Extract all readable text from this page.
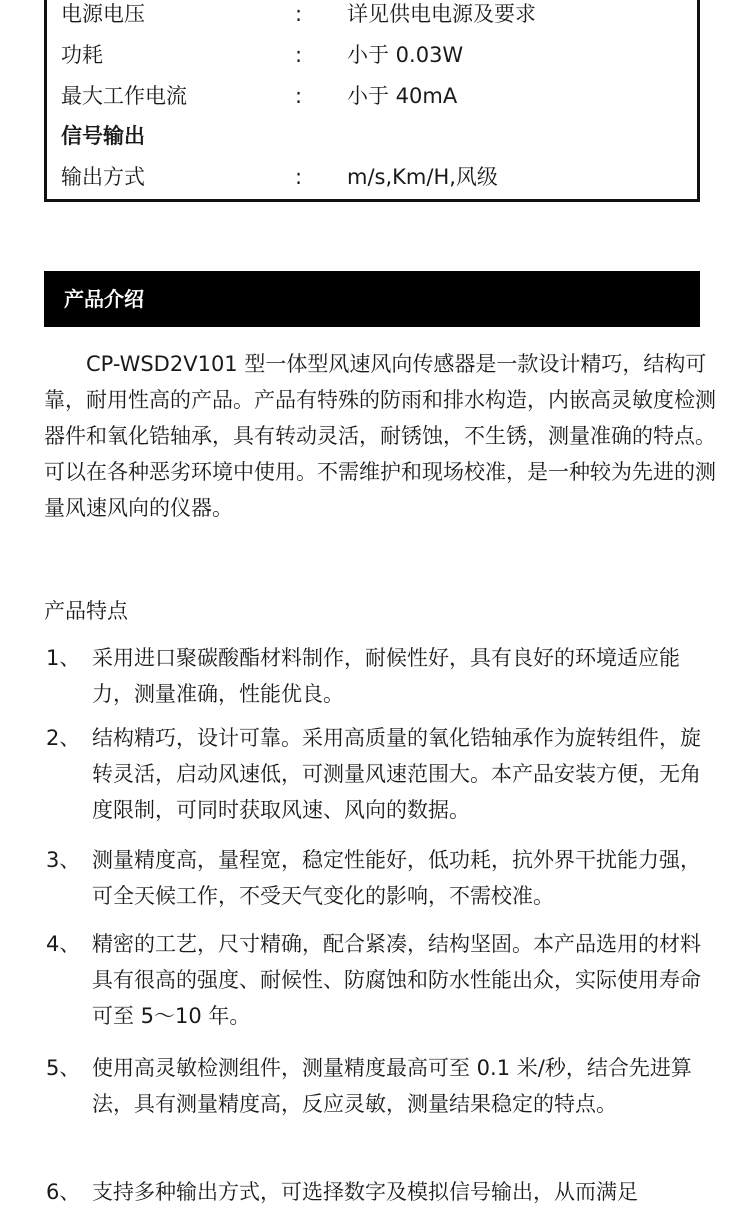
电源电压	: 详见供电电源及要求
功耗	: 小于 0.03W
最大工作电流	: 小于 40mA
信号输出
输出方式	: m/s,Km/H,风级
产品介绍

　　CP-WSD2V101 型一体型风速风向传感器是一款设计精巧，结构可靠，耐用性高的产品。产品有特殊的防雨和排水构造，内嵌高灵敏度检测器件和氧化锆轴承，具有转动灵活，耐锈蚀，不生锈，测量准确的特点。可以在各种恶劣环境中使用。不需维护和现场校准，是一种较为先进的测量风速风向的仪器。

产品特点

1、 采用进口聚碳酸酯材料制作，耐候性好，具有良好的环境适应能力，测量准确，性能优良。
2、 结构精巧，设计可靠。采用高质量的氧化锆轴承作为旋转组件，旋转灵活，启动风速低，可测量风速范围大。本产品安装方便，无角度限制，可同时获取风速、风向的数据。
3、 测量精度高，量程宽，稳定性能好，低功耗，抗外界干扰能力强，可全天候工作，不受天气变化的影响，不需校准。
4、 精密的工艺，尺寸精确，配合紧凑，结构坚固。本产品选用的材料具有很高的强度、耐候性、防腐蚀和防水性能出众，实际使用寿命可至 5～10 年。
5、 使用高灵敏检测组件，测量精度最高可至 0.1 米/秒，结合先进算法，具有测量精度高，反应灵敏，测量结果稳定的特点。
6、 支持多种输出方式，可选择数字及模拟信号输出，从而满足
